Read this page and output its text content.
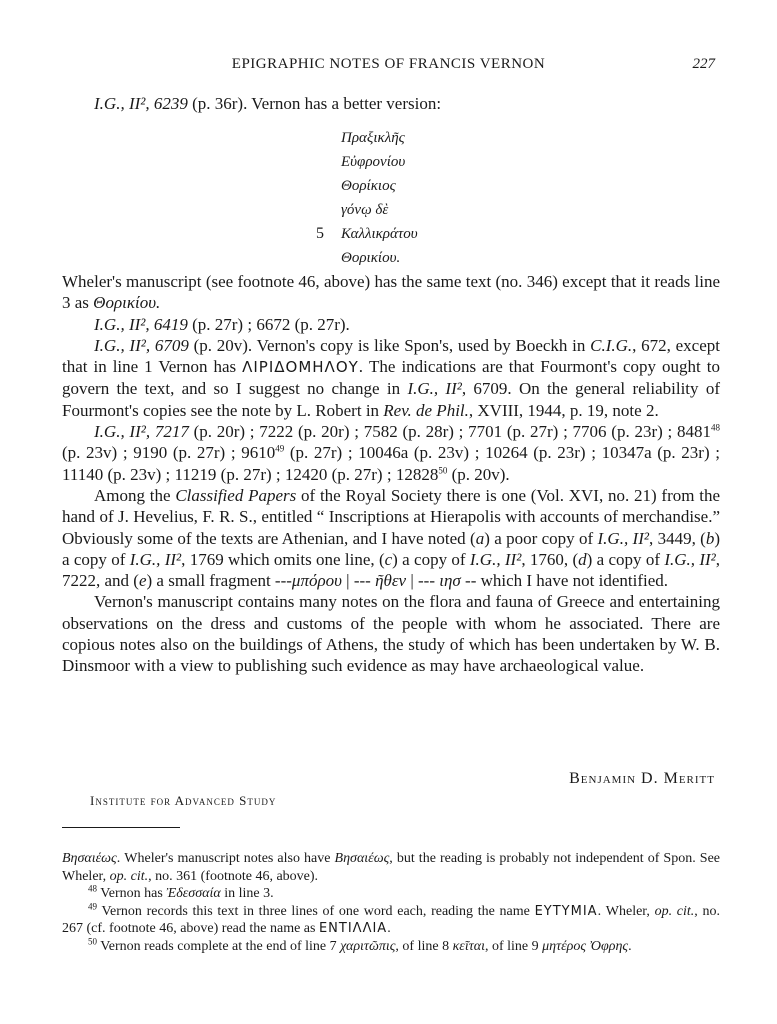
EPIGRAPHIC NOTES OF FRANCIS VERNON	227
I.G., II², 6239 (p. 36r). Vernon has a better version:
Πραξικλῆς
Εὐφρονίου
Θορίκιος
γόνῳ δὲ
5 Καλλικράτου
Θορικίου.

Wheler's manuscript (see footnote 46, above) has the same text (no. 346) except that it reads line 3 as Θορικίου.

I.G., II², 6419 (p. 27r) ; 6672 (p. 27r).

I.G., II², 6709 (p. 20v). Vernon's copy is like Spon's, used by Boeckh in C.I.G., 672, except that in line 1 Vernon has ΛΙΡΙΔΟΜΗΛΟΥ. The indications are that Fourmont's copy ought to govern the text, and so I suggest no change in I.G., II², 6709. On the general reliability of Fourmont's copies see the note by L. Robert in Rev. de Phil., XVIII, 1944, p. 19, note 2.

I.G., II², 7217 (p. 20r) ; 7222 (p. 20r) ; 7582 (p. 28r) ; 7701 (p. 27r) ; 7706 (p. 23r) ; 8481$^{48}$ (p. 23v) ; 9190 (p. 27r) ; 9610$^{49}$ (p. 27r) ; 10046a (p. 23v) ; 10264 (p. 23r) ; 10347a (p. 23r) ; 11140 (p. 23v) ; 11219 (p. 27r) ; 12420 (p. 27r) ; 12828$^{50}$ (p. 20v).

Among the Classified Papers of the Royal Society there is one (Vol. XVI, no. 21) from the hand of J. Hevelius, F. R. S., entitled “ Inscriptions at Hierapolis with accounts of merchandise.” Obviously some of the texts are Athenian, and I have noted (a) a poor copy of I.G., II², 3449, (b) a copy of I.G., II², 1769 which omits one line, (c) a copy of I.G., II², 1760, (d) a copy of I.G., II², 7222, and (e) a small fragment ---μπόρου | --- ῆθεν | --- ιησ -- which I have not identified.

Vernon's manuscript contains many notes on the flora and fauna of Greece and entertaining observations on the dress and customs of the people with whom he associated. There are copious notes also on the buildings of Athens, the study of which has been undertaken by W. B. Dinsmoor with a view to publishing such evidence as may have archaeological value.

Benjamin D. Meritt
Institute for Advanced Study

Βησαιέως. Wheler's manuscript notes also have Βησαιέως, but the reading is probably not independent of Spon. See Wheler, op. cit., no. 361 (footnote 46, above).

$^{48}$ Vernon has Ἐδεσσαία in line 3.

$^{49}$ Vernon records this text in three lines of one word each, reading the name ΕΥΤΥΜΙΑ. Wheler, op. cit., no. 267 (cf. footnote 46, above) read the name as ΕΝΤΙΛΛΙΑ.

$^{50}$ Vernon reads complete at the end of line 7 χαριτῶπις, of line 8 κεῖται, of line 9 μητέρος Ὀφρης.
